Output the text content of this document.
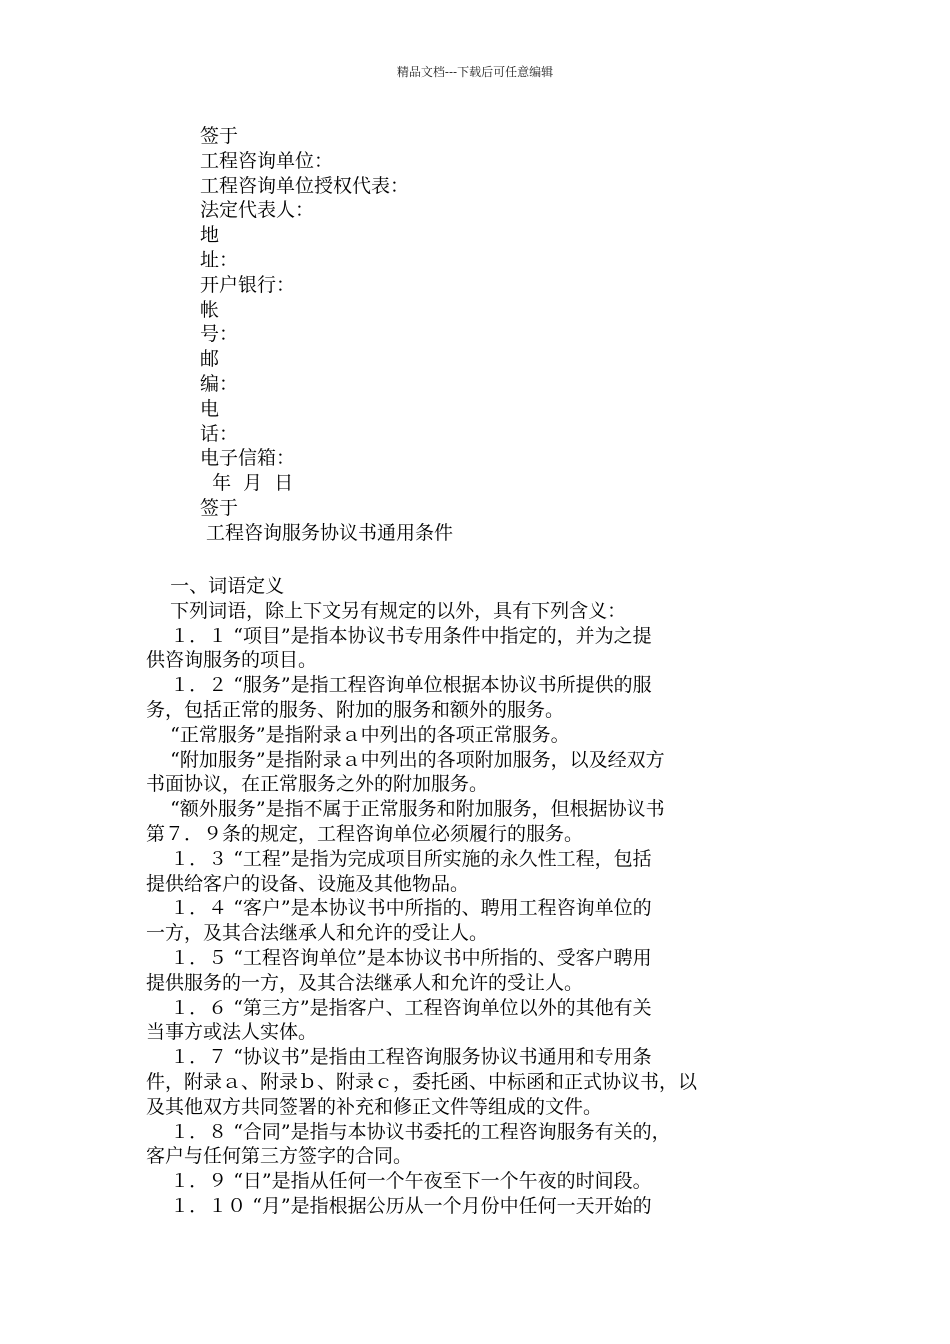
精品文档---下载后可任意编辑
签于
工程咨询单位：
工程咨询单位授权代表：
法定代表人：
地
址：
开户银行：
帐
号：
邮
编：
电
话：
电子信箱：
年  月  日
签于
工程咨询服务协议书通用条件
一、词语定义
下列词语，除上下文另有规定的以外，具有下列含义：
１．１ “项目”是指本协议书专用条件中指定的，并为之提
供咨询服务的项目。
１．２ “服务”是指工程咨询单位根据本协议书所提供的服
务，包括正常的服务、附加的服务和额外的服务。
“正常服务”是指附录ａ中列出的各项正常服务。
“附加服务”是指附录ａ中列出的各项附加服务，以及经双方
书面协议，在正常服务之外的附加服务。
“额外服务”是指不属于正常服务和附加服务，但根据协议书
第７．９条的规定，工程咨询单位必须履行的服务。
１．３ “工程”是指为完成项目所实施的永久性工程，包括
提供给客户的设备、设施及其他物品。
１．４ “客户”是本协议书中所指的、聘用工程咨询单位的
一方，及其合法继承人和允许的受让人。
１．５ “工程咨询单位”是本协议书中所指的、受客户聘用
提供服务的一方，及其合法继承人和允许的受让人。
１．６ “第三方”是指客户、工程咨询单位以外的其他有关
当事方或法人实体。
１．７ “协议书”是指由工程咨询服务协议书通用和专用条
件，附录ａ、附录ｂ、附录ｃ，委托函、中标函和正式协议书，以
及其他双方共同签署的补充和修正文件等组成的文件。
１．８ “合同”是指与本协议书委托的工程咨询服务有关的，
客户与任何第三方签字的合同。
１．９ “日”是指从任何一个午夜至下一个午夜的时间段。
１．１０ “月”是指根据公历从一个月份中任何一天开始的
